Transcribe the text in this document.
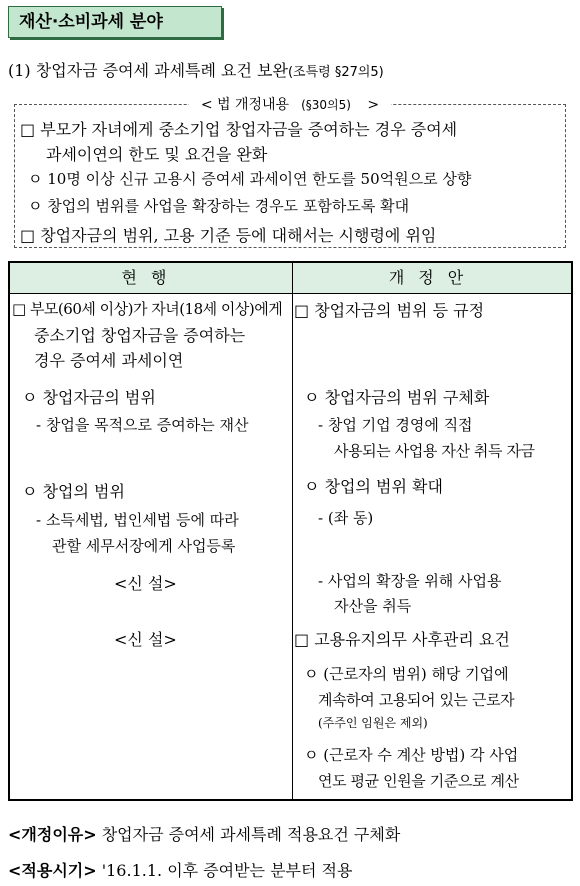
재산·소비과세 분야
(1) 창업자금 증여세 과세특례 요건 보완(조특령 §27의5)
< 법 개정내용 (§30의5) >
□ 부모가 자녀에게 중소기업 창업자금을 증여하는 경우 증여세
과세이연의 한도 및 요건을 완화
ㅇ 10명 이상 신규 고용시 증여세 과세이연 한도를 50억원으로 상향
ㅇ 창업의 범위를 사업을 확장하는 경우도 포함하도록 확대
□ 창업자금의 범위, 고용 기준 등에 대해서는 시행령에 위임
현행	개정안
□ 부모(60세 이상)가 자녀(18세 이상)에게
중소기업 창업자금을 증여하는
경우 증여세 과세이연
ㅇ 창업자금의 범위
- 창업을 목적으로 증여하는 재산
ㅇ 창업의 범위
- 소득세법, 법인세법 등에 따라
관할 세무서장에게 사업등록
<신 설>
<신 설>
□ 창업자금의 범위 등 규정
ㅇ 창업자금의 범위 구체화
- 창업 기업 경영에 직접
사용되는 사업용 자산 취득 자금
ㅇ 창업의 범위 확대
- (좌 동)
- 사업의 확장을 위해 사업용
자산을 취득
□ 고용유지의무 사후관리 요건
ㅇ (근로자의 범위) 해당 기업에
계속하여 고용되어 있는 근로자
(주주인 임원은 제외)
ㅇ (근로자 수 계산 방법) 각 사업
연도 평균 인원을 기준으로 계산
<개정이유> 창업자금 증여세 과세특례 적용요건 구체화
<적용시기> '16.1.1. 이후 증여받는 분부터 적용
